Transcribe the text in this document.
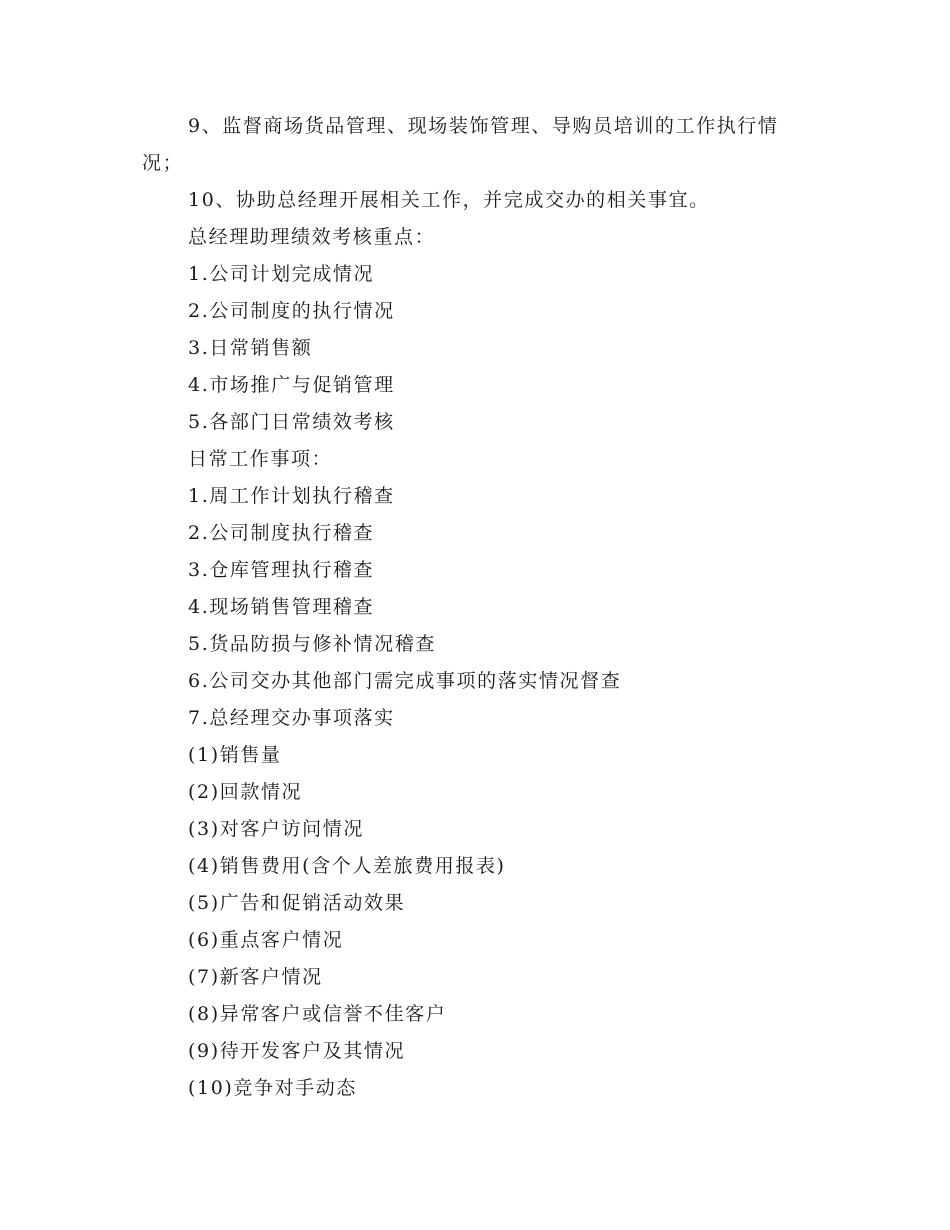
9、监督商场货品管理、现场装饰管理、导购员培训的工作执行情
况；
10、协助总经理开展相关工作，并完成交办的相关事宜。
总经理助理绩效考核重点：
1.公司计划完成情况
2.公司制度的执行情况
3.日常销售额
4.市场推广与促销管理
5.各部门日常绩效考核
日常工作事项：
1.周工作计划执行稽查
2.公司制度执行稽查
3.仓库管理执行稽查
4.现场销售管理稽查
5.货品防损与修补情况稽查
6.公司交办其他部门需完成事项的落实情况督查
7.总经理交办事项落实
(1)销售量
(2)回款情况
(3)对客户访问情况
(4)销售费用(含个人差旅费用报表)
(5)广告和促销活动效果
(6)重点客户情况
(7)新客户情况
(8)异常客户或信誉不佳客户
(9)待开发客户及其情况
(10)竞争对手动态
